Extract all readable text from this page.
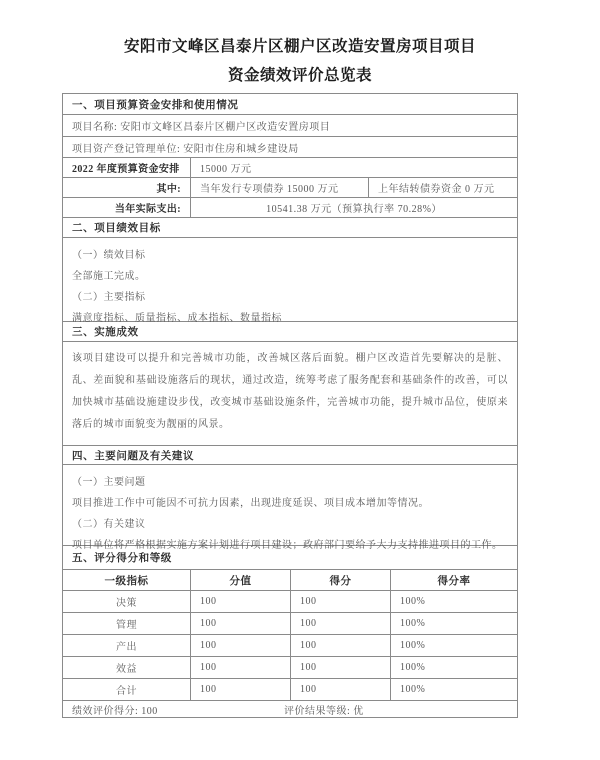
安阳市文峰区昌泰片区棚户区改造安置房项目项目
资金绩效评价总览表
一、项目预算资金安排和使用情况
项目名称: 安阳市文峰区昌泰片区棚户区改造安置房项目
项目资产登记管理单位: 安阳市住房和城乡建设局
2022 年度预算资金安排	15000 万元
其中:	当年发行专项债券 15000 万元	上年结转债券资金 0 万元
当年实际支出:	10541.38 万元（预算执行率 70.28%）
二、项目绩效目标
（一）绩效目标
全部施工完成。
（二）主要指标
满意度指标、质量指标、成本指标、数量指标
三、实施成效
该项目建设可以提升和完善城市功能，改善城区落后面貌。棚户区改造首先要解决的是脏、乱、差面貌和基础设施落后的现状，通过改造，统筹考虑了服务配套和基础条件的改善，可以加快城市基础设施建设步伐，改变城市基础设施条件，完善城市功能，提升城市品位，使原来落后的城市面貌变为靓丽的风景。
四、主要问题及有关建议
（一）主要问题
项目推进工作中可能因不可抗力因素，出现进度延误、项目成本增加等情况。
（二）有关建议
项目单位将严格根据实施方案计划进行项目建设；政府部门要给予大力支持推进项目的工作。
五、评分得分和等级
一级指标	分值	得分	得分率
决策	100	100	100%
管理	100	100	100%
产出	100	100	100%
效益	100	100	100%
合计	100	100	100%
绩效评价得分: 100	评价结果等级: 优
